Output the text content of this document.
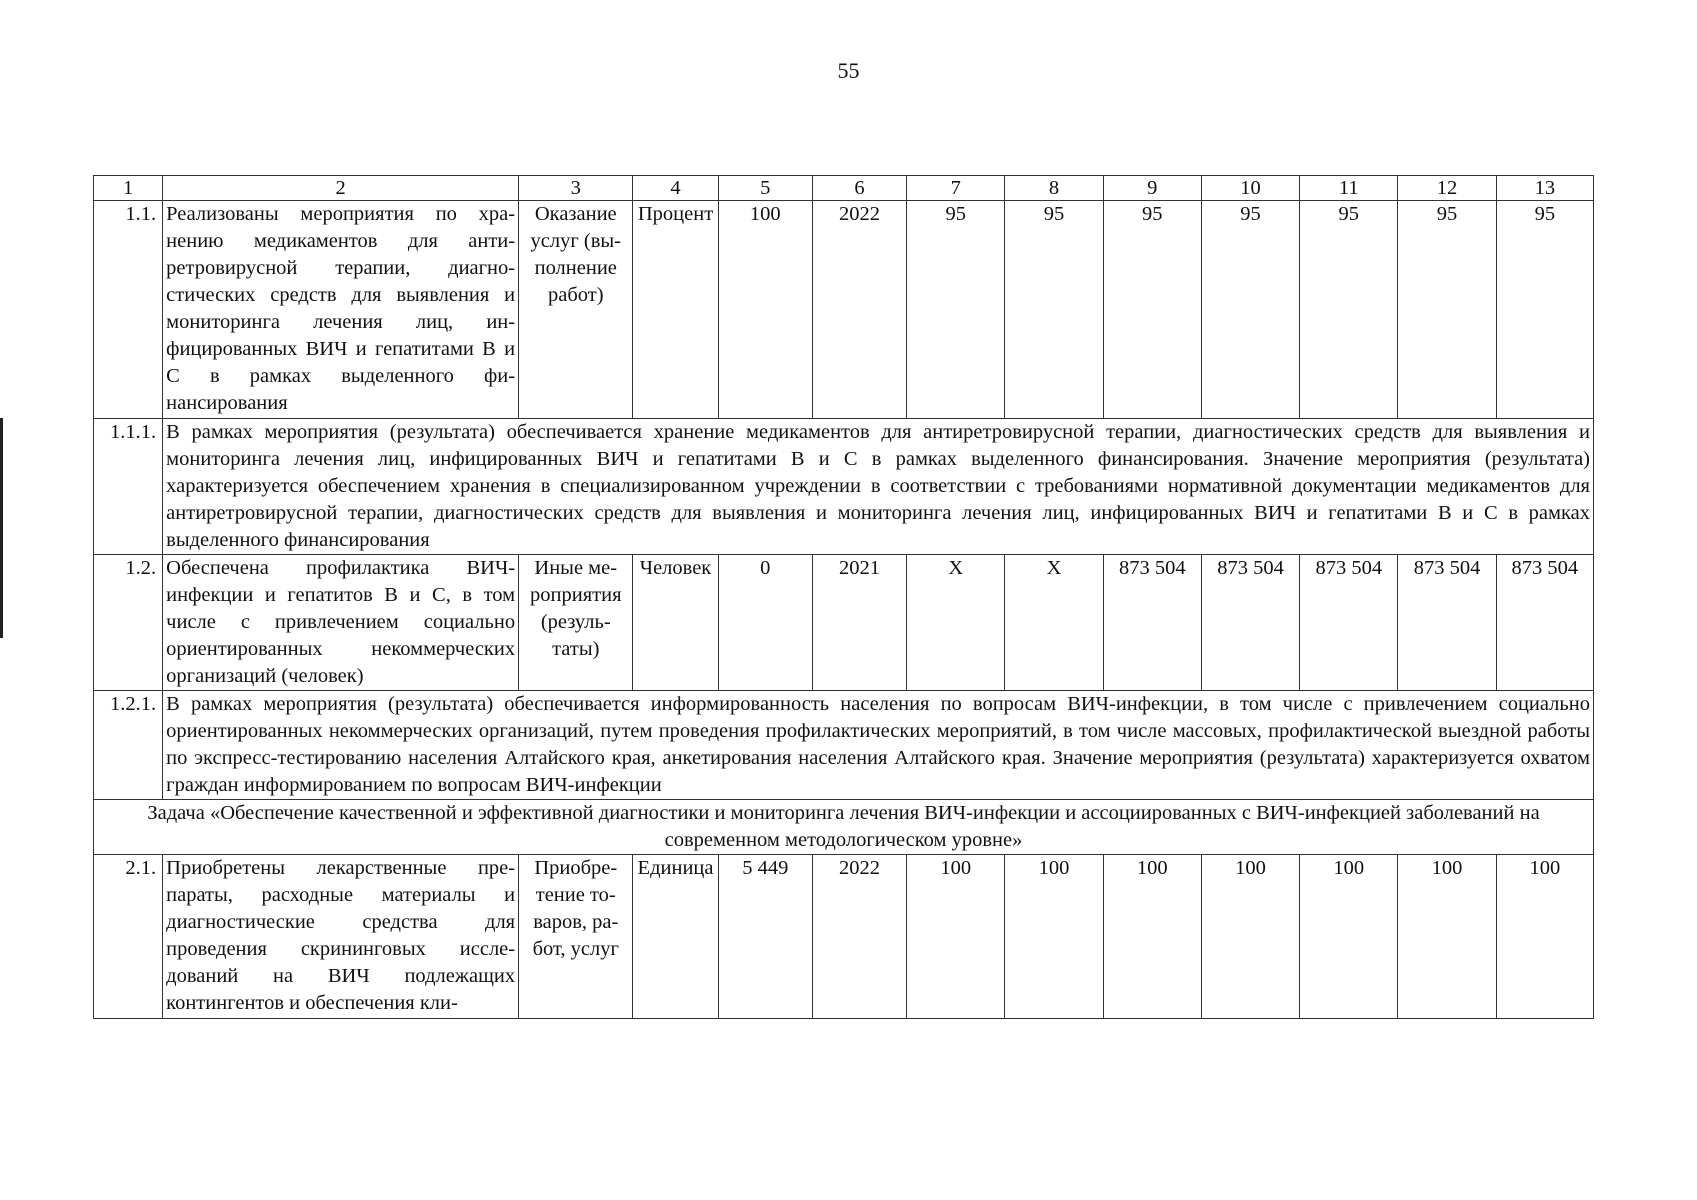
55
1	2	3	4	5	6	7	8	9	10	11	12	13
1.1.	Реализованы мероприятия по хранению медикаментов для антиретровирусной терапии, диагностических средств для выявления и мониторинга лечения лиц, инфицированных ВИЧ и гепатитами В и С в рамках выделенного финансирования	Оказание услуг (выполнение работ)	Процент	100	2022	95	95	95	95	95	95	95
1.1.1.	В рамках мероприятия (результата) обеспечивается хранение медикаментов для антиретровирусной терапии, диагностических средств для выявления и мониторинга лечения лиц, инфицированных ВИЧ и гепатитами В и С в рамках выделенного финансирования. Значение мероприятия (результата) характеризуется обеспечением хранения в специализированном учреждении в соответствии с требованиями нормативной документации медикаментов для антиретровирусной терапии, диагностических средств для выявления и мониторинга лечения лиц, инфицированных ВИЧ и гепатитами В и С в рамках выделенного финансирования											
1.2.	Обеспечена профилактика ВИЧ-инфекции и гепатитов В и С, в том числе с привлечением социально ориентированных некоммерческих организаций (человек)	Иные мероприятия (результаты)	Человек	0	2021	X	X	873 504	873 504	873 504	873 504	873 504
1.2.1.	В рамках мероприятия (результата) обеспечивается информированность населения по вопросам ВИЧ-инфекции, в том числе с привлечением социально ориентированных некоммерческих организаций, путем проведения профилактических мероприятий, в том числе массовых, профилактической выездной работы по экспресс-тестированию населения Алтайского края, анкетирования населения Алтайского края. Значение мероприятия (результата) характеризуется охватом граждан информированием по вопросам ВИЧ-инфекции											
Задача «Обеспечение качественной и эффективной диагностики и мониторинга лечения ВИЧ-инфекции и ассоциированных с ВИЧ-инфекцией заболеваний на современном методологическом уровне»												
2.1.	Приобретены лекарственные препараты, расходные материалы и диагностические средства для проведения скрининговых исследований на ВИЧ подлежащих контингентов и обеспечения кли-	Приобретение товаров, работ, услуг	Единица	5 449	2022	100	100	100	100	100	100	100
